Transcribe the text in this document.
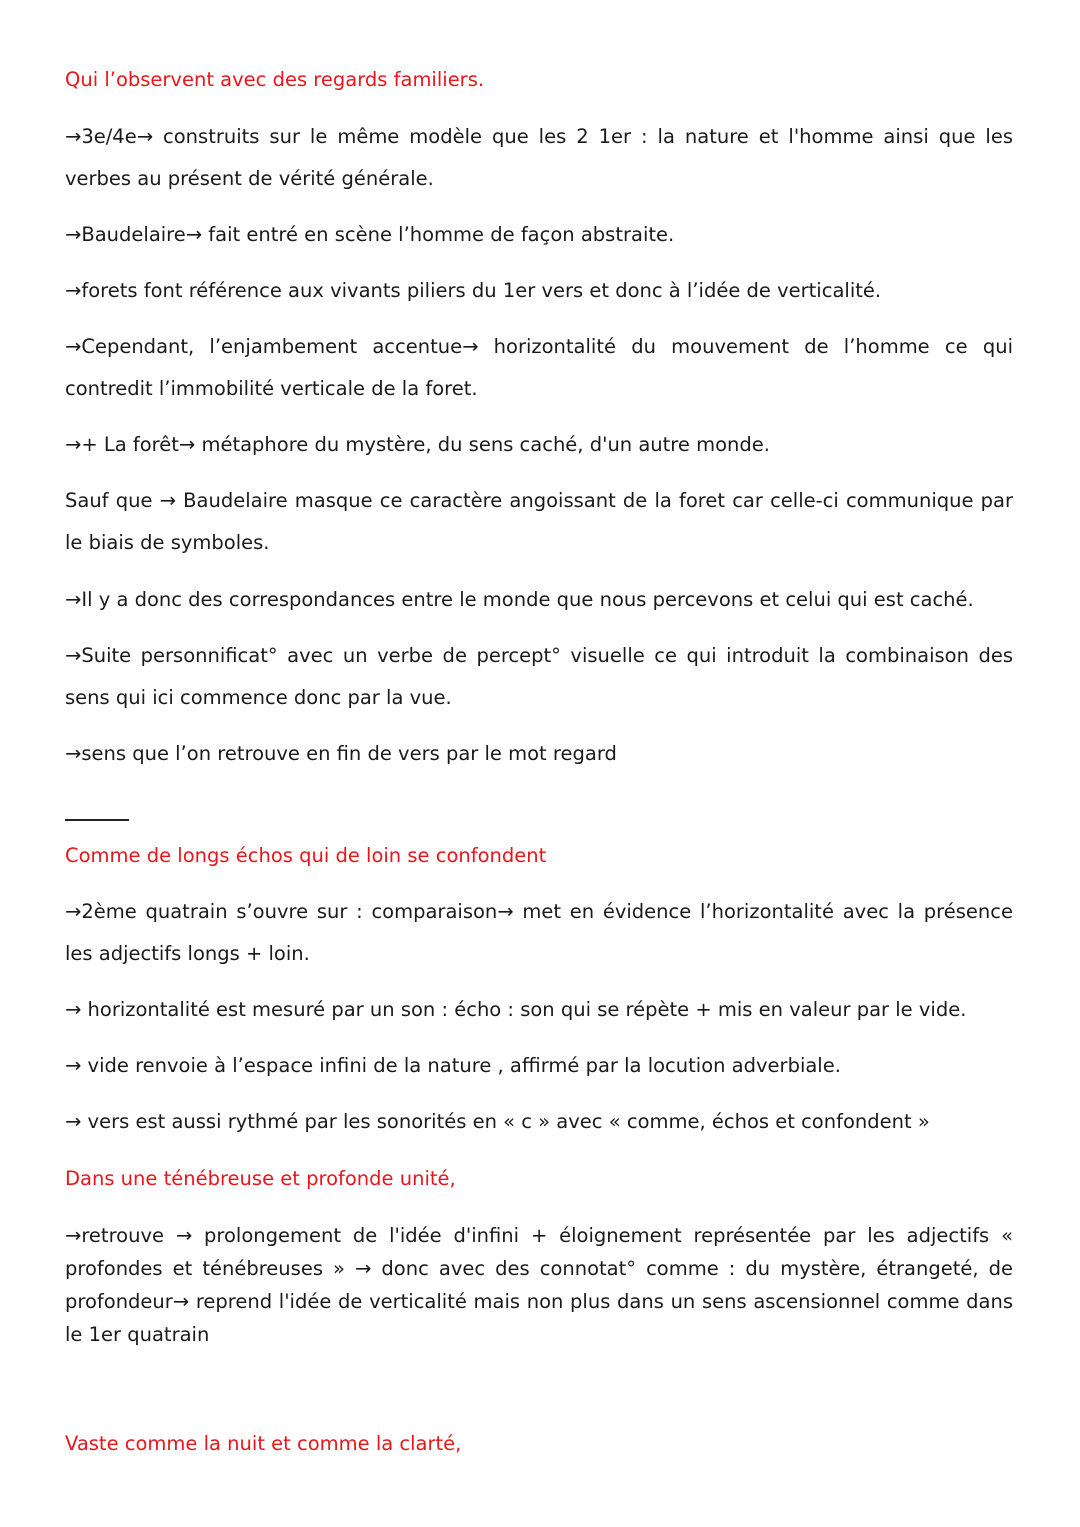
Qui l’observent avec des regards familiers.

→3e/4e→ construits sur le même modèle que les 2 1er : la nature et l'homme ainsi que les verbes au présent de vérité générale.

→Baudelaire→ fait entré en scène l’homme de façon abstraite.

→forets font référence aux vivants piliers du 1er vers et donc à l’idée de verticalité.

→Cependant, l’enjambement accentue→ horizontalité du mouvement de l’homme ce qui contredit l’immobilité verticale de la foret.

→+ La forêt→ métaphore du mystère, du sens caché, d'un autre monde.

Sauf que → Baudelaire masque ce caractère angoissant de la foret car celle-ci communique par le biais de symboles.

→Il y a donc des correspondances entre le monde que nous percevons et celui qui est caché.

→Suite personnificat° avec un verbe de percept° visuelle ce qui introduit la combinaison des sens qui ici commence donc par la vue.

→sens que l’on retrouve en fin de vers par le mot regard

Comme de longs échos qui de loin se confondent

→2ème quatrain s’ouvre sur : comparaison→ met en évidence l’horizontalité avec la présence les adjectifs longs + loin.

→ horizontalité est mesuré par un son : écho : son qui se répète + mis en valeur par le vide.

→ vide renvoie à l’espace infini de la nature , affirmé par la locution adverbiale.

→ vers est aussi rythmé par les sonorités en « c » avec « comme, échos et confondent »

Dans une ténébreuse et profonde unité,

→retrouve → prolongement de l'idée d'infini + éloignement représentée par les adjectifs « profondes et ténébreuses » → donc avec des connotat° comme : du mystère, étrangeté, de profondeur→ reprend l'idée de verticalité mais non plus dans un sens ascensionnel comme dans le 1er quatrain

Vaste comme la nuit et comme la clarté,
